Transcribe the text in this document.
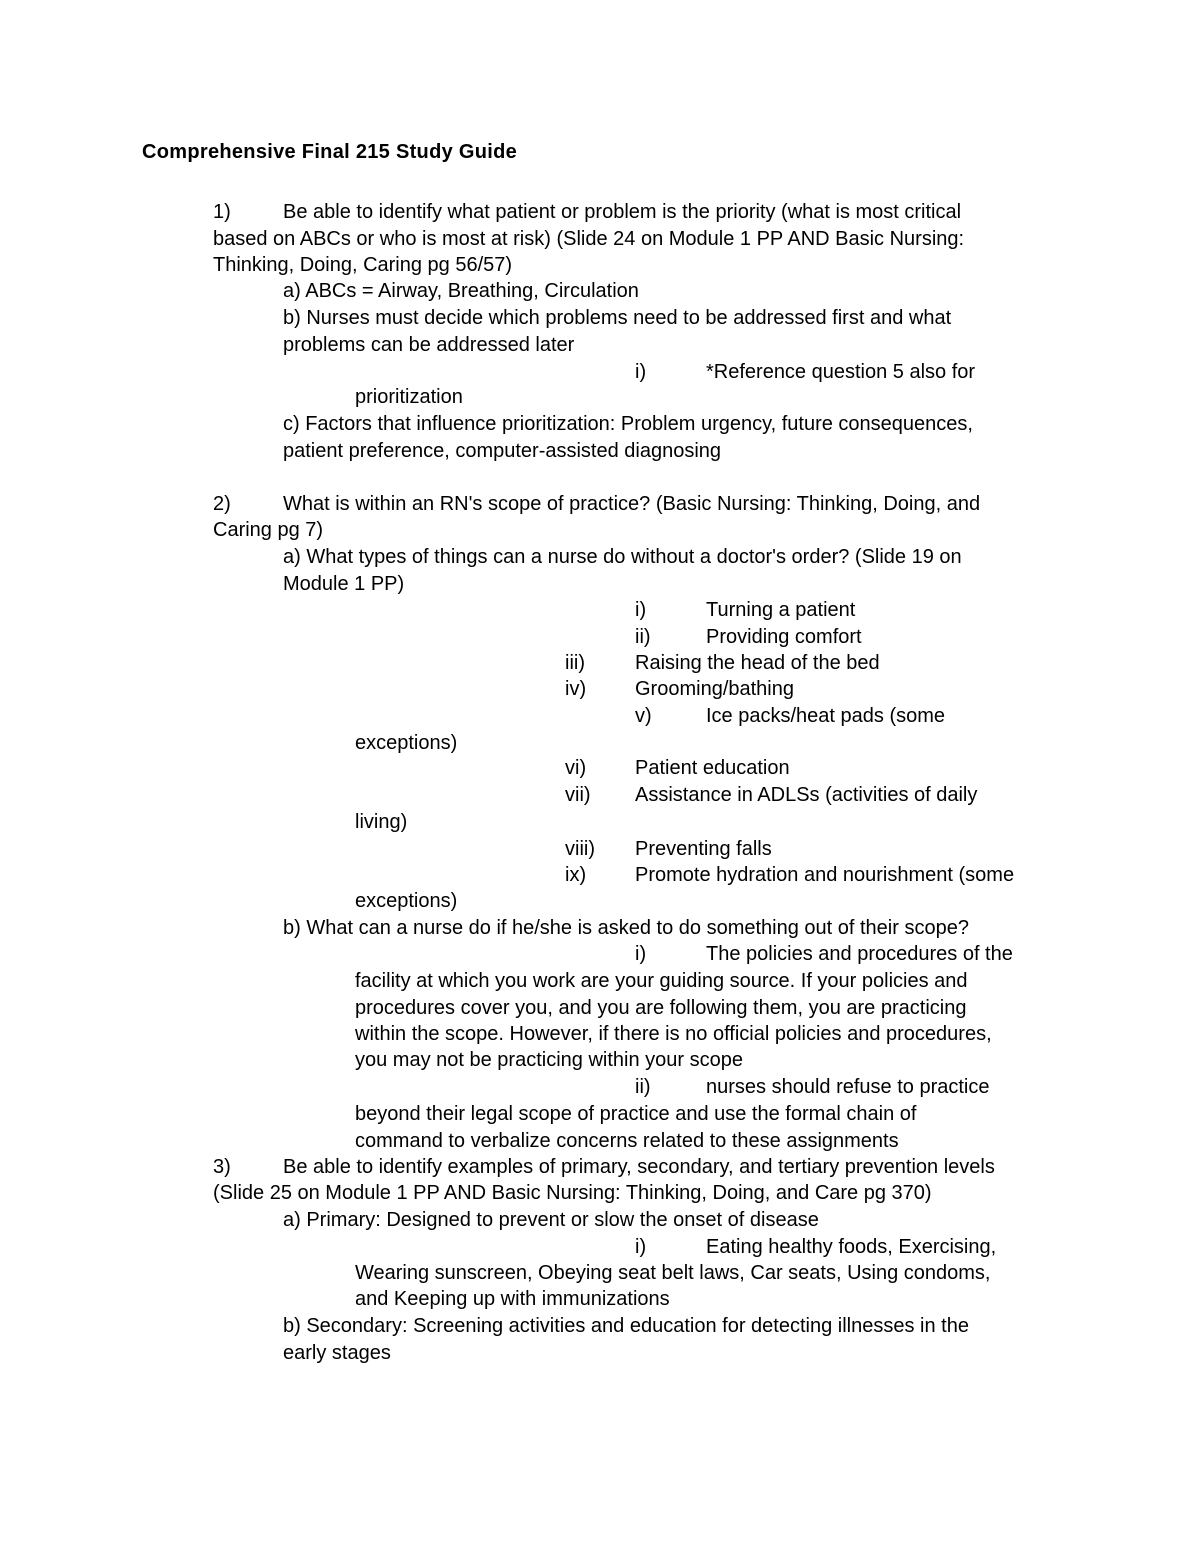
Comprehensive Final 215 Study Guide
1)	Be able to identify what patient or problem is the priority (what is most critical
based on ABCs or who is most at risk) (Slide 24 on Module 1 PP AND Basic Nursing:
Thinking, Doing, Caring pg 56/57)
a) ABCs = Airway, Breathing, Circulation
b) Nurses must decide which problems need to be addressed first and what
problems can be addressed later
i)	*Reference question 5 also for
prioritization
c) Factors that influence prioritization: Problem urgency, future consequences,
patient preference, computer-assisted diagnosing
2)	What is within an RN's scope of practice? (Basic Nursing: Thinking, Doing, and
Caring pg 7)
a) What types of things can a nurse do without a doctor's order? (Slide 19 on
Module 1 PP)
i)	Turning a patient
ii)	Providing comfort
iii)	Raising the head of the bed
iv) Grooming/bathing
v)	Ice packs/heat pads (some
exceptions)
vi) Patient education
vii) Assistance in ADLSs (activities of daily
living)
viii) Preventing falls
ix) Promote hydration and nourishment (some
exceptions)
b) What can a nurse do if he/she is asked to do something out of their scope?
i)	The policies and procedures of the
facility at which you work are your guiding source. If your policies and
procedures cover you, and you are following them, you are practicing
within the scope. However, if there is no official policies and procedures,
you may not be practicing within your scope
ii)	nurses should refuse to practice
beyond their legal scope of practice and use the formal chain of
command to verbalize concerns related to these assignments
3)	Be able to identify examples of primary, secondary, and tertiary prevention levels
(Slide 25 on Module 1 PP AND Basic Nursing: Thinking, Doing, and Care pg 370)
a) Primary: Designed to prevent or slow the onset of disease
i)	Eating healthy foods, Exercising,
Wearing sunscreen, Obeying seat belt laws, Car seats, Using condoms,
and Keeping up with immunizations
b) Secondary: Screening activities and education for detecting illnesses in the
early stages
